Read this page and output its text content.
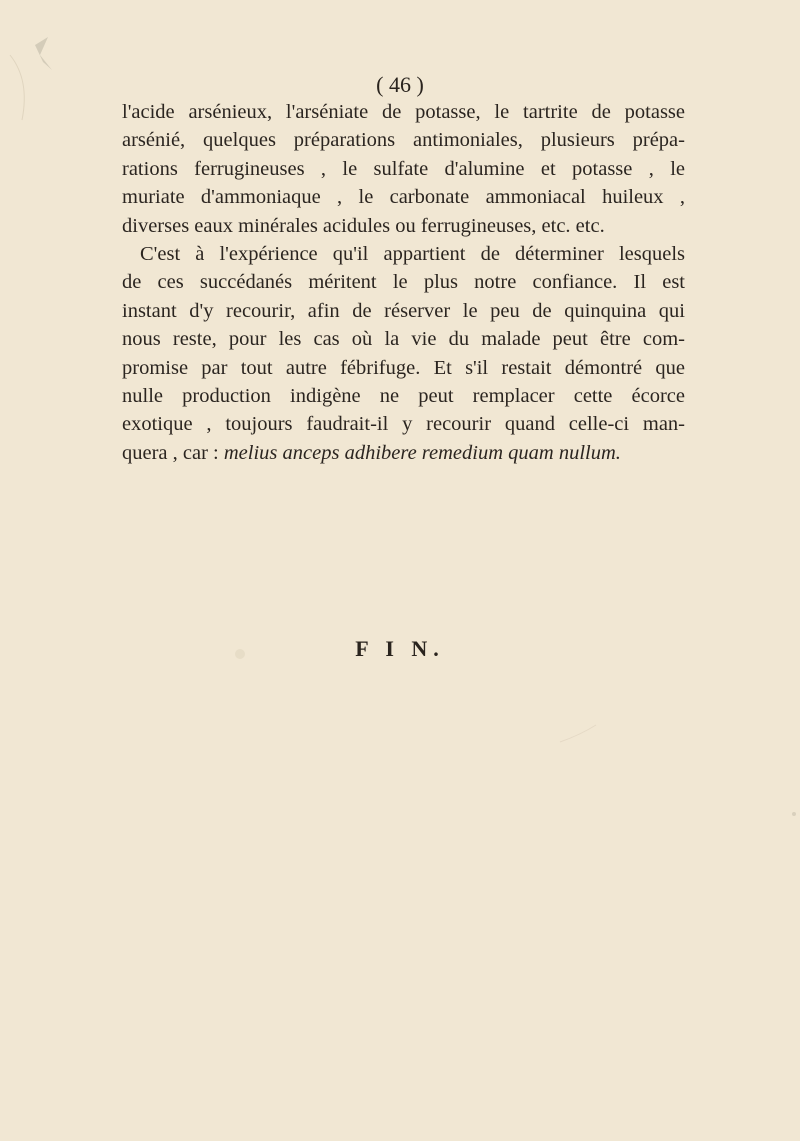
( 46 )
l'acide arsénieux, l'arséniate de potasse, le tartrite de potasse
arsénié, quelques préparations antimoniales, plusieurs prépa-
rations ferrugineuses , le sulfate d'alumine et potasse , le
muriate d'ammoniaque , le carbonate ammoniacal huileux ,
diverses eaux minérales acidules ou ferrugineuses, etc. etc.
C'est à l'expérience qu'il appartient de déterminer lesquels
de ces succédanés méritent le plus notre confiance. Il est
instant d'y recourir, afin de réserver le peu de quinquina qui
nous reste, pour les cas où la vie du malade peut être com-
promise par tout autre fébrifuge. Et s'il restait démontré que
nulle production indigène ne peut remplacer cette écorce
exotique , toujours faudrait-il y recourir quand celle-ci man-
quera , car : melius anceps adhibere remedium quam nullum.
F I N.
